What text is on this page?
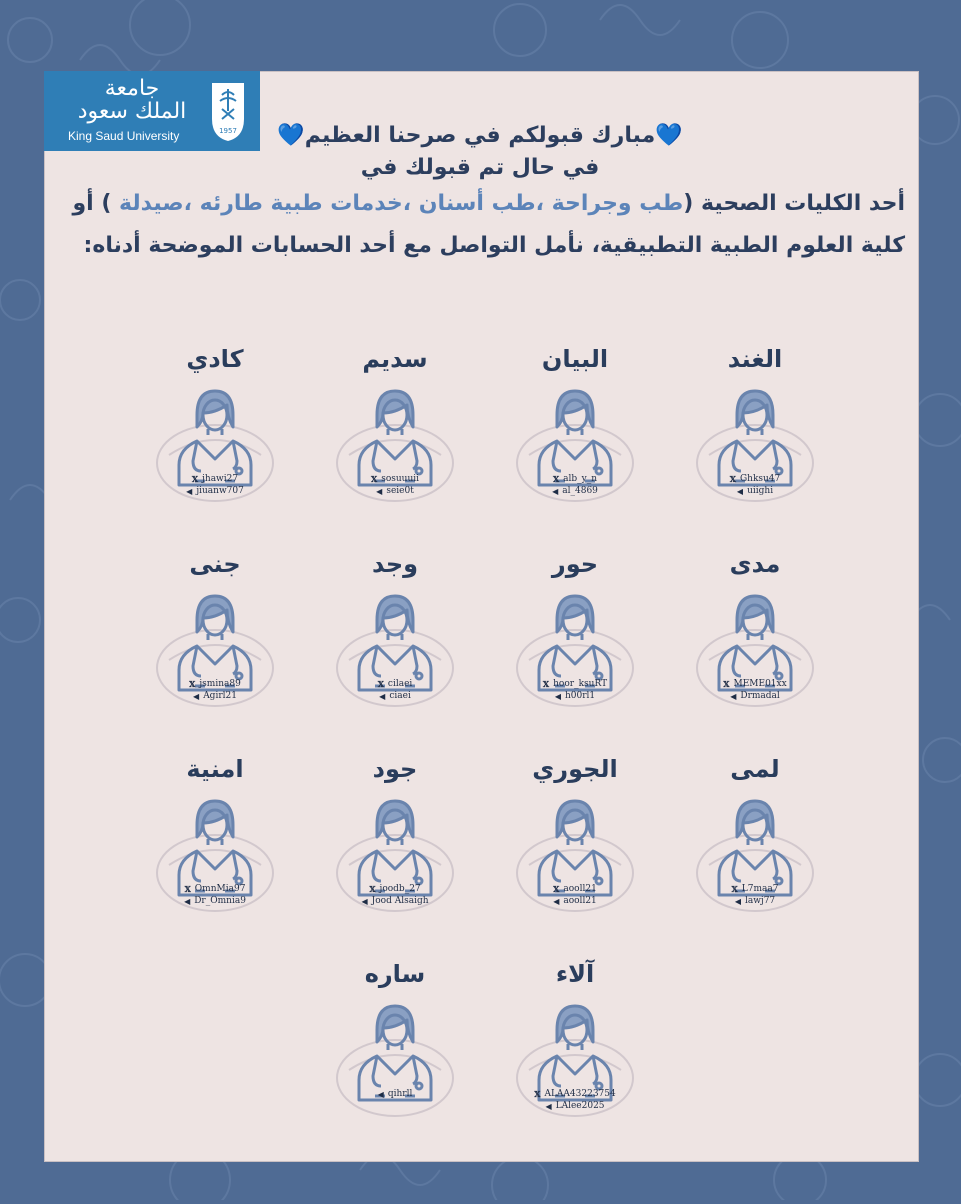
جامعة
الملك سعود
King Saud University	1957	💙مبارك قبولكم في صرحنا العظيم💙
في حال تم قبولك في
أحد الكليات الصحية (طب وجراحة ،طب أسنان ،خدمات طبية طارئه ،صيدلة ) أو
كلية العلوم الطبية التطبيقية، نأمل التواصل مع أحد الحسابات الموضحة أدناه:
الغند
𝕏 Ghksu47
◀ uiighi
البيان
𝕏 alb_y_n
◀ al_4869
سديم
𝕏 sosuuuii
◀ seie0t
كادي
𝕏 jhawi27
◀ jiuanw707
مدى
𝕏 MEME01xx
◀ Drmadal
حور
𝕏 hoor_ksuRT
◀ h00rl1
وجد
𝕏 cilaei
◀ ciaei
جنى
𝕏 jsmina89
◀ Agirl21
لمى
𝕏 L7maa7
◀ lawj77
الجوري
𝕏 aooll21
◀ aooll21
جود
𝕏 joodb_27
◀ Jood Alsaigh
امنية
𝕏 OmnMia97
◀ Dr_Omnia9
آلاء
𝕏 ALAA43223754
◀ LAlee2025
ساره
◀ qihrll
